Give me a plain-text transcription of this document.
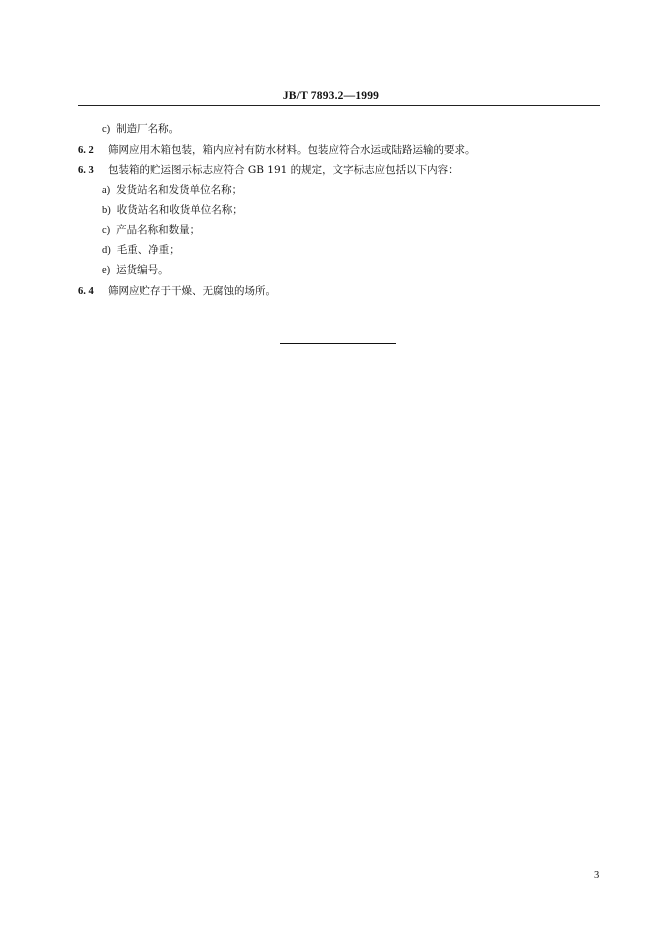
JB/T 7893.2—1999
c) 制造厂名称。
6. 2 筛网应用木箱包装，箱内应衬有防水材料。包装应符合水运或陆路运输的要求。
6. 3 包装箱的贮运图示标志应符合 GB 191 的规定，文字标志应包括以下内容：
a) 发货站名和发货单位名称；
b) 收货站名和收货单位名称；
c) 产品名称和数量；
d) 毛重、净重；
e) 运货编号。
6. 4 筛网应贮存于干燥、无腐蚀的场所。
3
